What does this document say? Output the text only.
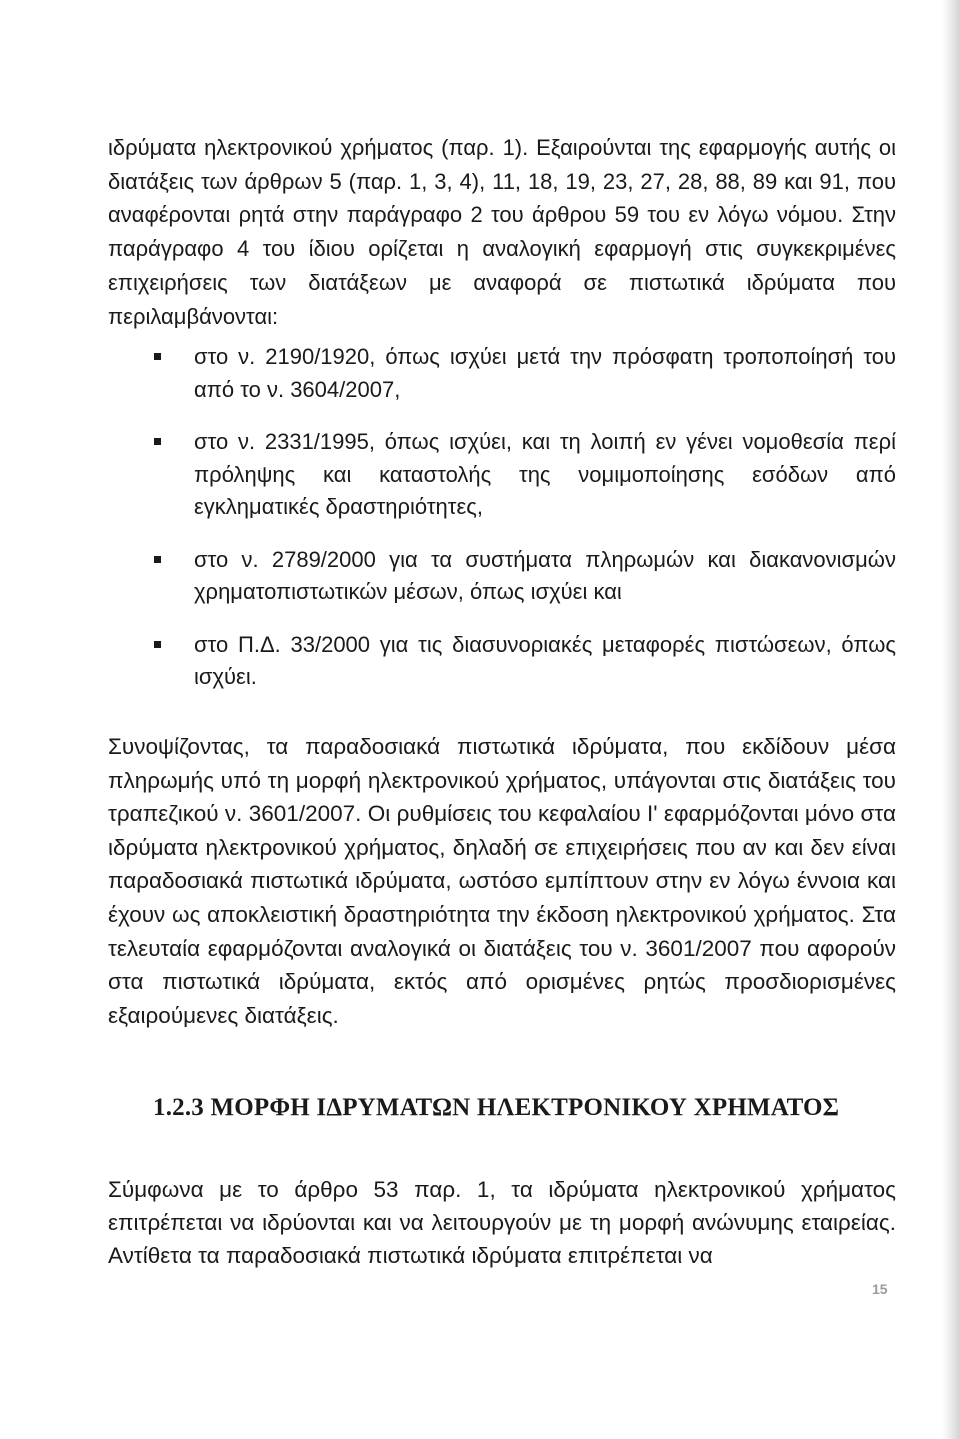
ιδρύματα ηλεκτρονικού χρήματος (παρ. 1). Εξαιρούνται της εφαρμογής αυτής οι διατάξεις των άρθρων 5 (παρ. 1, 3, 4), 11, 18, 19, 23, 27, 28, 88, 89 και 91, που αναφέρονται ρητά στην παράγραφο 2 του άρθρου 59 του εν λόγω νόμου. Στην παράγραφο 4 του ίδιου ορίζεται η αναλογική εφαρμογή στις συγκεκριμένες επιχειρήσεις των διατάξεων με αναφορά σε πιστωτικά ιδρύματα που περιλαμβάνονται:

στο ν. 2190/1920, όπως ισχύει μετά την πρόσφατη τροποποίησή του από το ν. 3604/2007,
στο ν. 2331/1995, όπως ισχύει, και τη λοιπή εν γένει νομοθεσία περί πρόληψης και καταστολής της νομιμοποίησης εσόδων από εγκληματικές δραστηριότητες,
στο ν. 2789/2000 για τα συστήματα πληρωμών και διακανονισμών χρηματοπιστωτικών μέσων, όπως ισχύει και
στο Π.Δ. 33/2000 για τις διασυνοριακές μεταφορές πιστώσεων, όπως ισχύει.

Συνοψίζοντας, τα παραδοσιακά πιστωτικά ιδρύματα, που εκδίδουν μέσα πληρωμής υπό τη μορφή ηλεκτρονικού χρήματος, υπάγονται στις διατάξεις του τραπεζικού ν. 3601/2007. Οι ρυθμίσεις του κεφαλαίου Ι' εφαρμόζονται μόνο στα ιδρύματα ηλεκτρονικού χρήματος, δηλαδή σε επιχειρήσεις που αν και δεν είναι παραδοσιακά πιστωτικά ιδρύματα, ωστόσο εμπίπτουν στην εν λόγω έννοια και έχουν ως αποκλειστική δραστηριότητα την έκδοση ηλεκτρονικού χρήματος. Στα τελευταία εφαρμόζονται αναλογικά οι διατάξεις του ν. 3601/2007 που αφορούν στα πιστωτικά ιδρύματα, εκτός από ορισμένες ρητώς προσδιορισμένες εξαιρούμενες διατάξεις.

1.2.3 ΜΟΡΦΗ ΙΔΡΥΜΑΤΩΝ ΗΛΕΚΤΡΟΝΙΚΟΥ ΧΡΗΜΑΤΟΣ

Σύμφωνα με το άρθρο 53 παρ. 1, τα ιδρύματα ηλεκτρονικού χρήματος επιτρέπεται να ιδρύονται και να λειτουργούν με τη μορφή ανώνυμης εταιρείας. Αντίθετα τα παραδοσιακά πιστωτικά ιδρύματα επιτρέπεται να

15
